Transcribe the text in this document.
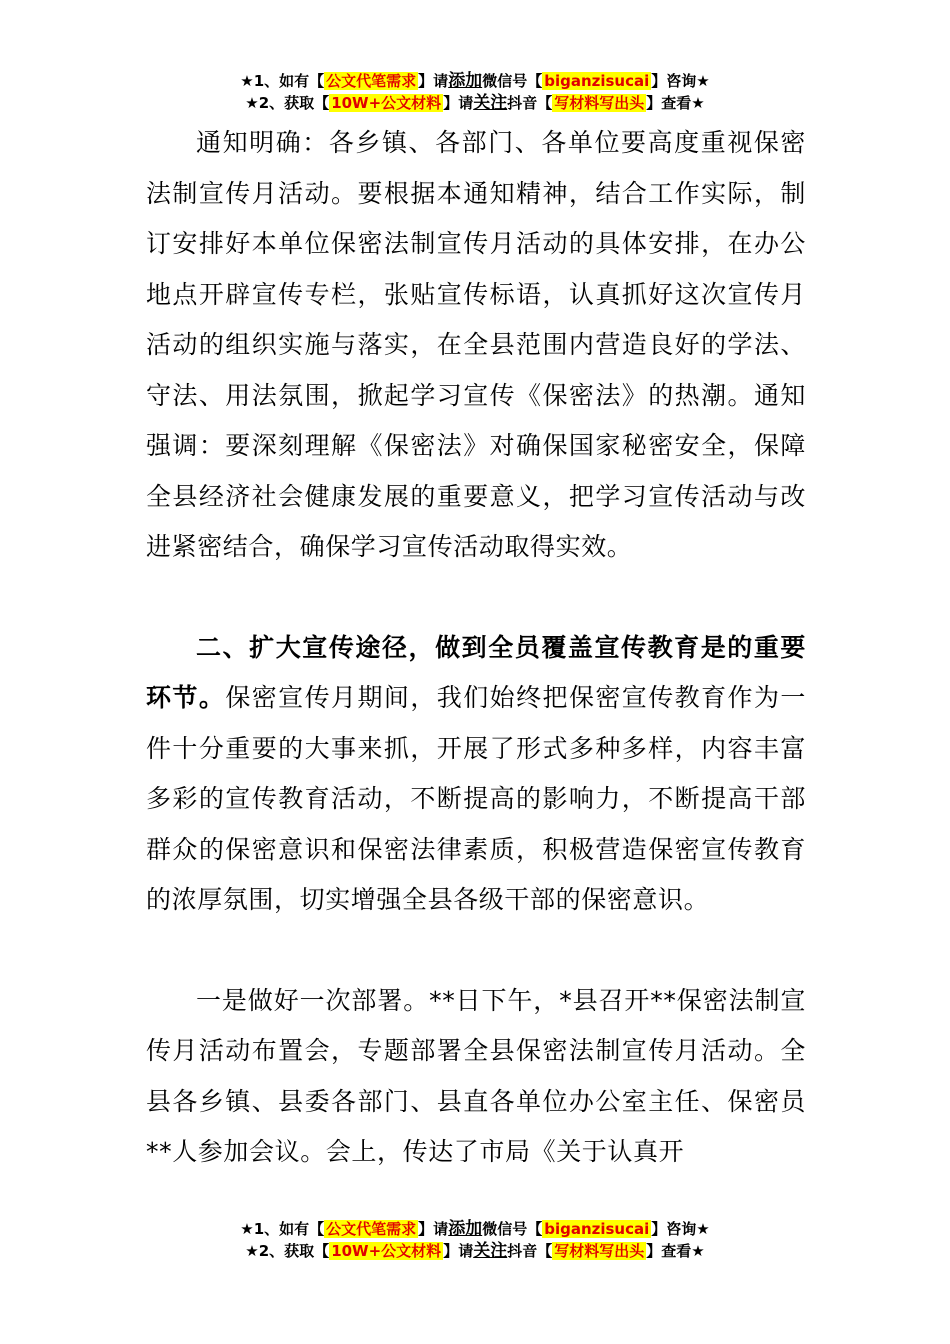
★1、如有【 公文代笔需求 】请添加微信号【 biganzisucai 】咨询★
★2、获取【 10W+公文材料 】请关注抖音【 写材料写出头 】查看★

通知明确：各乡镇、各部门、各单位要高度重视保密法制宣传月活动。要根据本通知精神，结合工作实际，制订安排好本单位保密法制宣传月活动的具体安排，在办公地点开辟宣传专栏，张贴宣传标语，认真抓好这次宣传月活动的组织实施与落实，在全县范围内营造良好的学法、守法、用法氛围，掀起学习宣传《保密法》的热潮。通知强调：要深刻理解《保密法》对确保国家秘密安全，保障全县经济社会健康发展的重要意义，把学习宣传活动与改进紧密结合，确保学习宣传活动取得实效。

二、扩大宣传途径，做到全员覆盖宣传教育是的重要环节。保密宣传月期间，我们始终把保密宣传教育作为一件十分重要的大事来抓，开展了形式多种多样，内容丰富多彩的宣传教育活动，不断提高的影响力，不断提高干部群众的保密意识和保密法律素质，积极营造保密宣传教育的浓厚氛围，切实增强全县各级干部的保密意识。

一是做好一次部署。**日下午，*县召开**保密法制宣传月活动布置会，专题部署全县保密法制宣传月活动。全县各乡镇、县委各部门、县直各单位办公室主任、保密员**人参加会议。会上，传达了市局《关于认真开

★1、如有【 公文代笔需求 】请添加微信号【 biganzisucai 】咨询★
★2、获取【 10W+公文材料 】请关注抖音【 写材料写出头 】查看★
